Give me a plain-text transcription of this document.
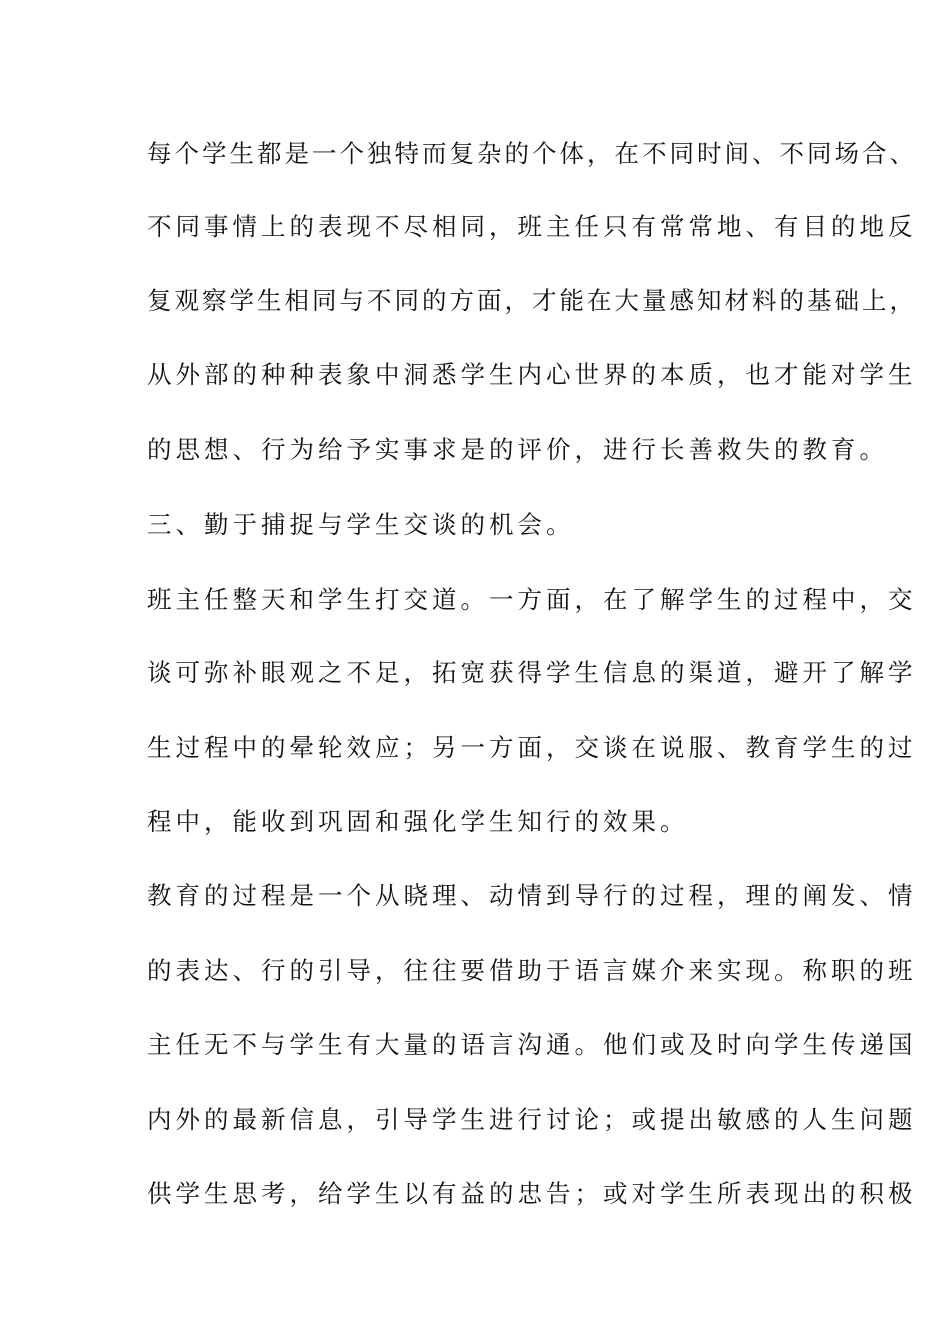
每个学生都是一个独特而复杂的个体，在不同时间、不同场合、
不同事情上的表现不尽相同，班主任只有常常地、有目的地反
复观察学生相同与不同的方面，才能在大量感知材料的基础上，
从外部的种种表象中洞悉学生内心世界的本质，也才能对学生
的思想、行为给予实事求是的评价，进行长善救失的教育。
三、勤于捕捉与学生交谈的机会。
班主任整天和学生打交道。一方面，在了解学生的过程中，交
谈可弥补眼观之不足，拓宽获得学生信息的渠道，避开了解学
生过程中的晕轮效应；另一方面，交谈在说服、教育学生的过
程中，能收到巩固和强化学生知行的效果。
教育的过程是一个从晓理、动情到导行的过程，理的阐发、情
的表达、行的引导，往往要借助于语言媒介来实现。称职的班
主任无不与学生有大量的语言沟通。他们或及时向学生传递国
内外的最新信息，引导学生进行讨论；或提出敏感的人生问题
供学生思考，给学生以有益的忠告；或对学生所表现出的积极
